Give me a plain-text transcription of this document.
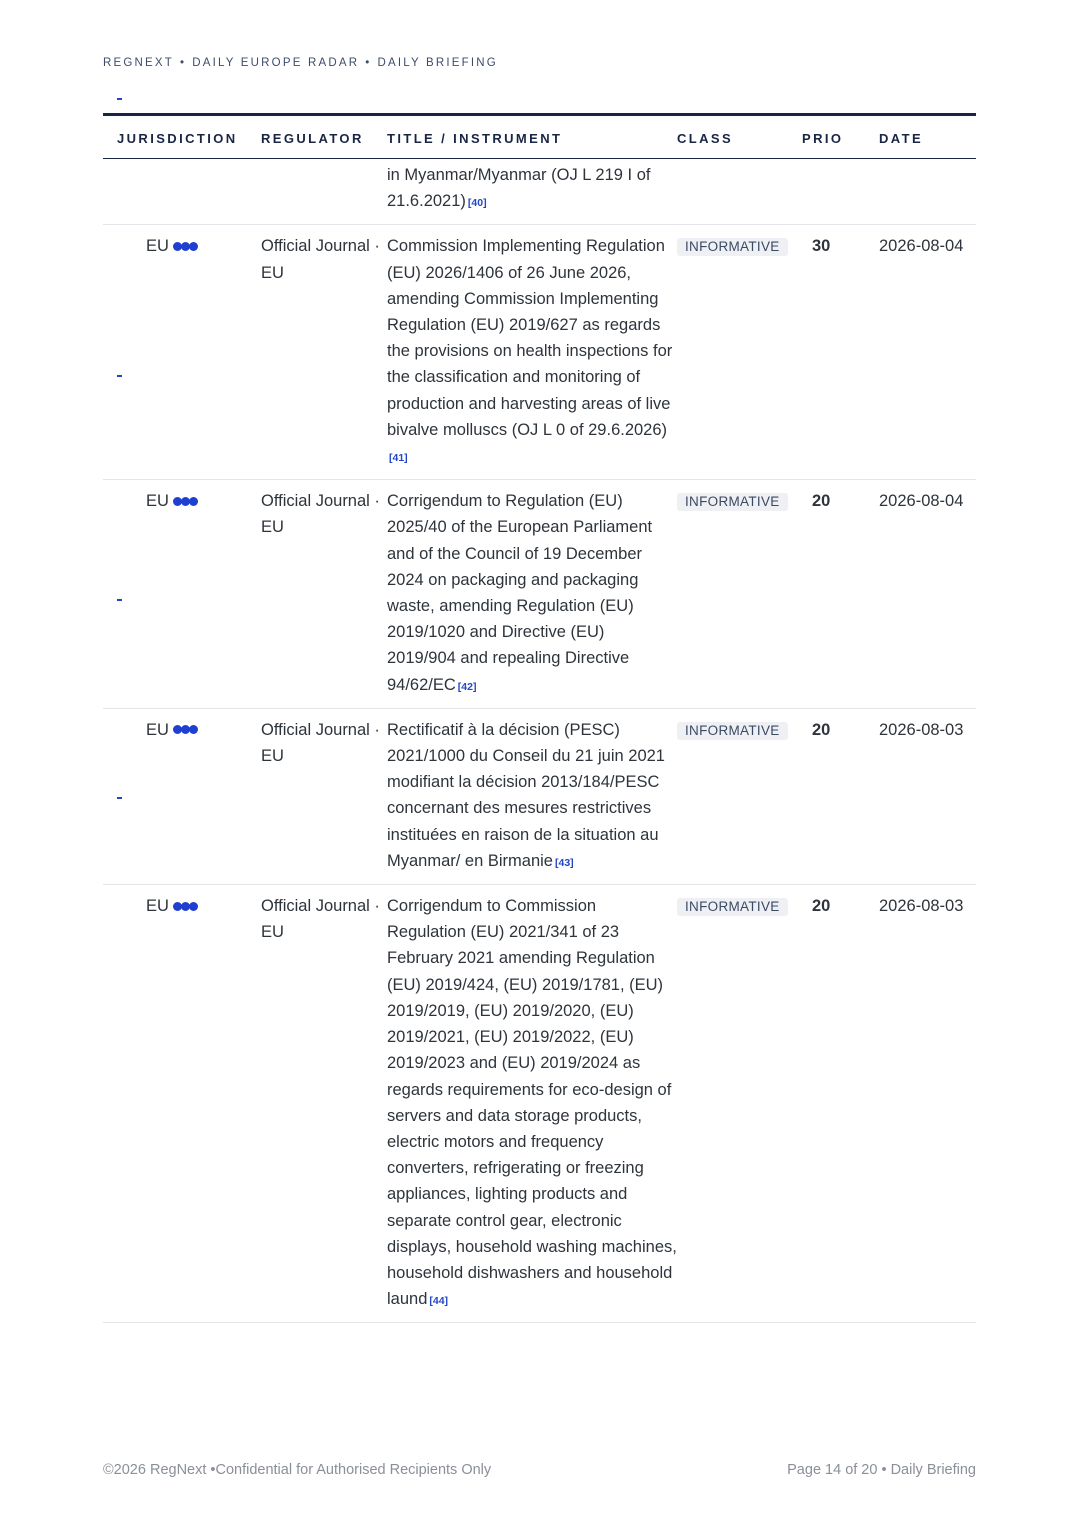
REGNEXT • DAILY EUROPE RADAR • DAILY BRIEFING
JURISDICTION	REGULATOR	TITLE / INSTRUMENT	CLASS	PRIO	DATE
		in Myanmar/Myanmar (OJ L 219 I of 21.6.2021) [40]			
EU	Official Journal · EU	Commission Implementing Regulation (EU) 2026/1406 of 26 June 2026, amending Commission Implementing Regulation (EU) 2019/627 as regards the provisions on health inspections for the classification and monitoring of production and harvesting areas of live bivalve molluscs (OJ L 0 of 29.6.2026)[41]	INFORMATIVE	30	2026-08-04
EU	Official Journal · EU	Corrigendum to Regulation (EU) 2025/40 of the European Parliament and of the Council of 19 December 2024 on packaging and packaging waste, amending Regulation (EU) 2019/1020 and Directive (EU) 2019/904 and repealing Directive 94/62/EC [42]	INFORMATIVE	20	2026-08-04
EU	Official Journal · EU	Rectificatif à la décision (PESC) 2021/1000 du Conseil du 21 juin 2021 modifiant la décision 2013/184/PESC concernant des mesures restrictives instituées en raison de la situation au Myanmar/ en Birmanie [43]	INFORMATIVE	20	2026-08-03
EU	Official Journal · EU	Corrigendum to Commission Regulation (EU) 2021/341 of 23 February 2021 amending Regulation (EU) 2019/424, (EU) 2019/1781, (EU) 2019/2019, (EU) 2019/2020, (EU) 2019/2021, (EU) 2019/2022, (EU) 2019/2023 and (EU) 2019/2024 as regards requirements for eco-design of servers and data storage products, electric motors and frequency converters, refrigerating or freezing appliances, lighting products and separate control gear, electronic displays, household washing machines, household dishwashers and household laund [44]	INFORMATIVE	20	2026-08-03
©2026 RegNext •Confidential for Authorised Recipients Only	Page 14 of 20 • Daily Briefing
